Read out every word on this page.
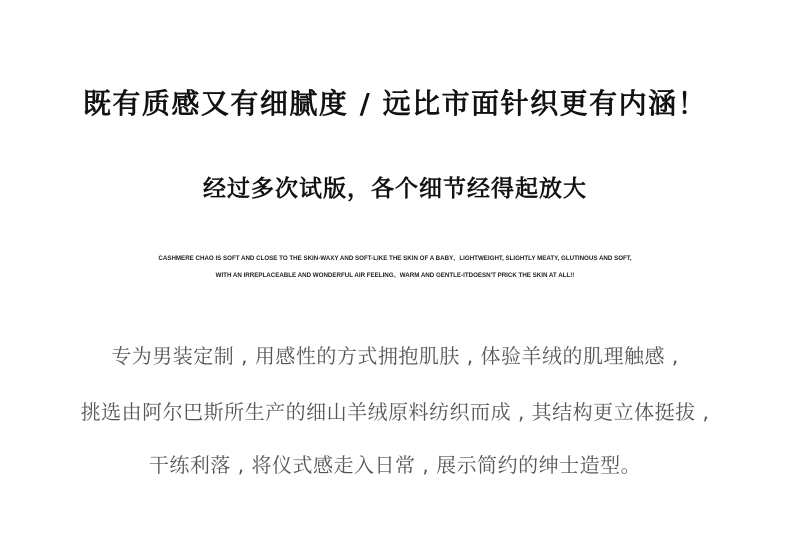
既有质感又有细腻度 / 远比市面针织更有内涵！
经过多次试版，各个细节经得起放大
CASHMERE CHAO IS SOFT AND CLOSE TO THE SKIN-WAXY AND SOFT-LIKE THE SKIN OF A BABY、LIGHTWEIGHT, SLIGHTLY MEATY, GLUTINOUS AND SOFT,
WITH AN IRREPLACEABLE AND WONDERFUL AIR FEELING、WARM AND GENTLE-ITDOESN'T PRICK THE SKIN AT ALL!!
专为男装定制 , 用感性的方式拥抱肌肤 , 体验羊绒的肌理触感 ,
挑选由阿尔巴斯所生产的细山羊绒原料纺织而成 , 其结构更立体挺拔 ,
干练利落 , 将仪式感走入日常 , 展示简约的绅士造型。
